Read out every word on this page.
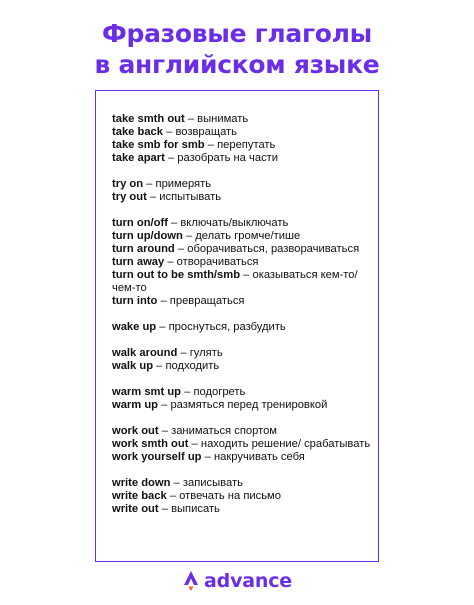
Фразовые глаголы
в английском языке
take smth out – вынимать
take back – возвращать
take smb for smb – перепутать
take apart – разобрать на части
try on – примерять
try out – испытывать
turn on/off – включать/выключать
turn up/down – делать громче/тише
turn around – оборачиваться, разворачиваться
turn away – отворачиваться
turn out to be smth/smb – оказываться кем-то/ чем-то
turn into – превращаться
wake up – проснуться, разбудить
walk around – гулять
walk up – подходить
warm smt up – подогреть
warm up – размяться перед тренировкой
work out – заниматься спортом
work smth out – находить решение/ срабатывать
work yourself up – накручивать себя
write down – записывать
write back – отвечать на письмо
write out – выписать
advance
